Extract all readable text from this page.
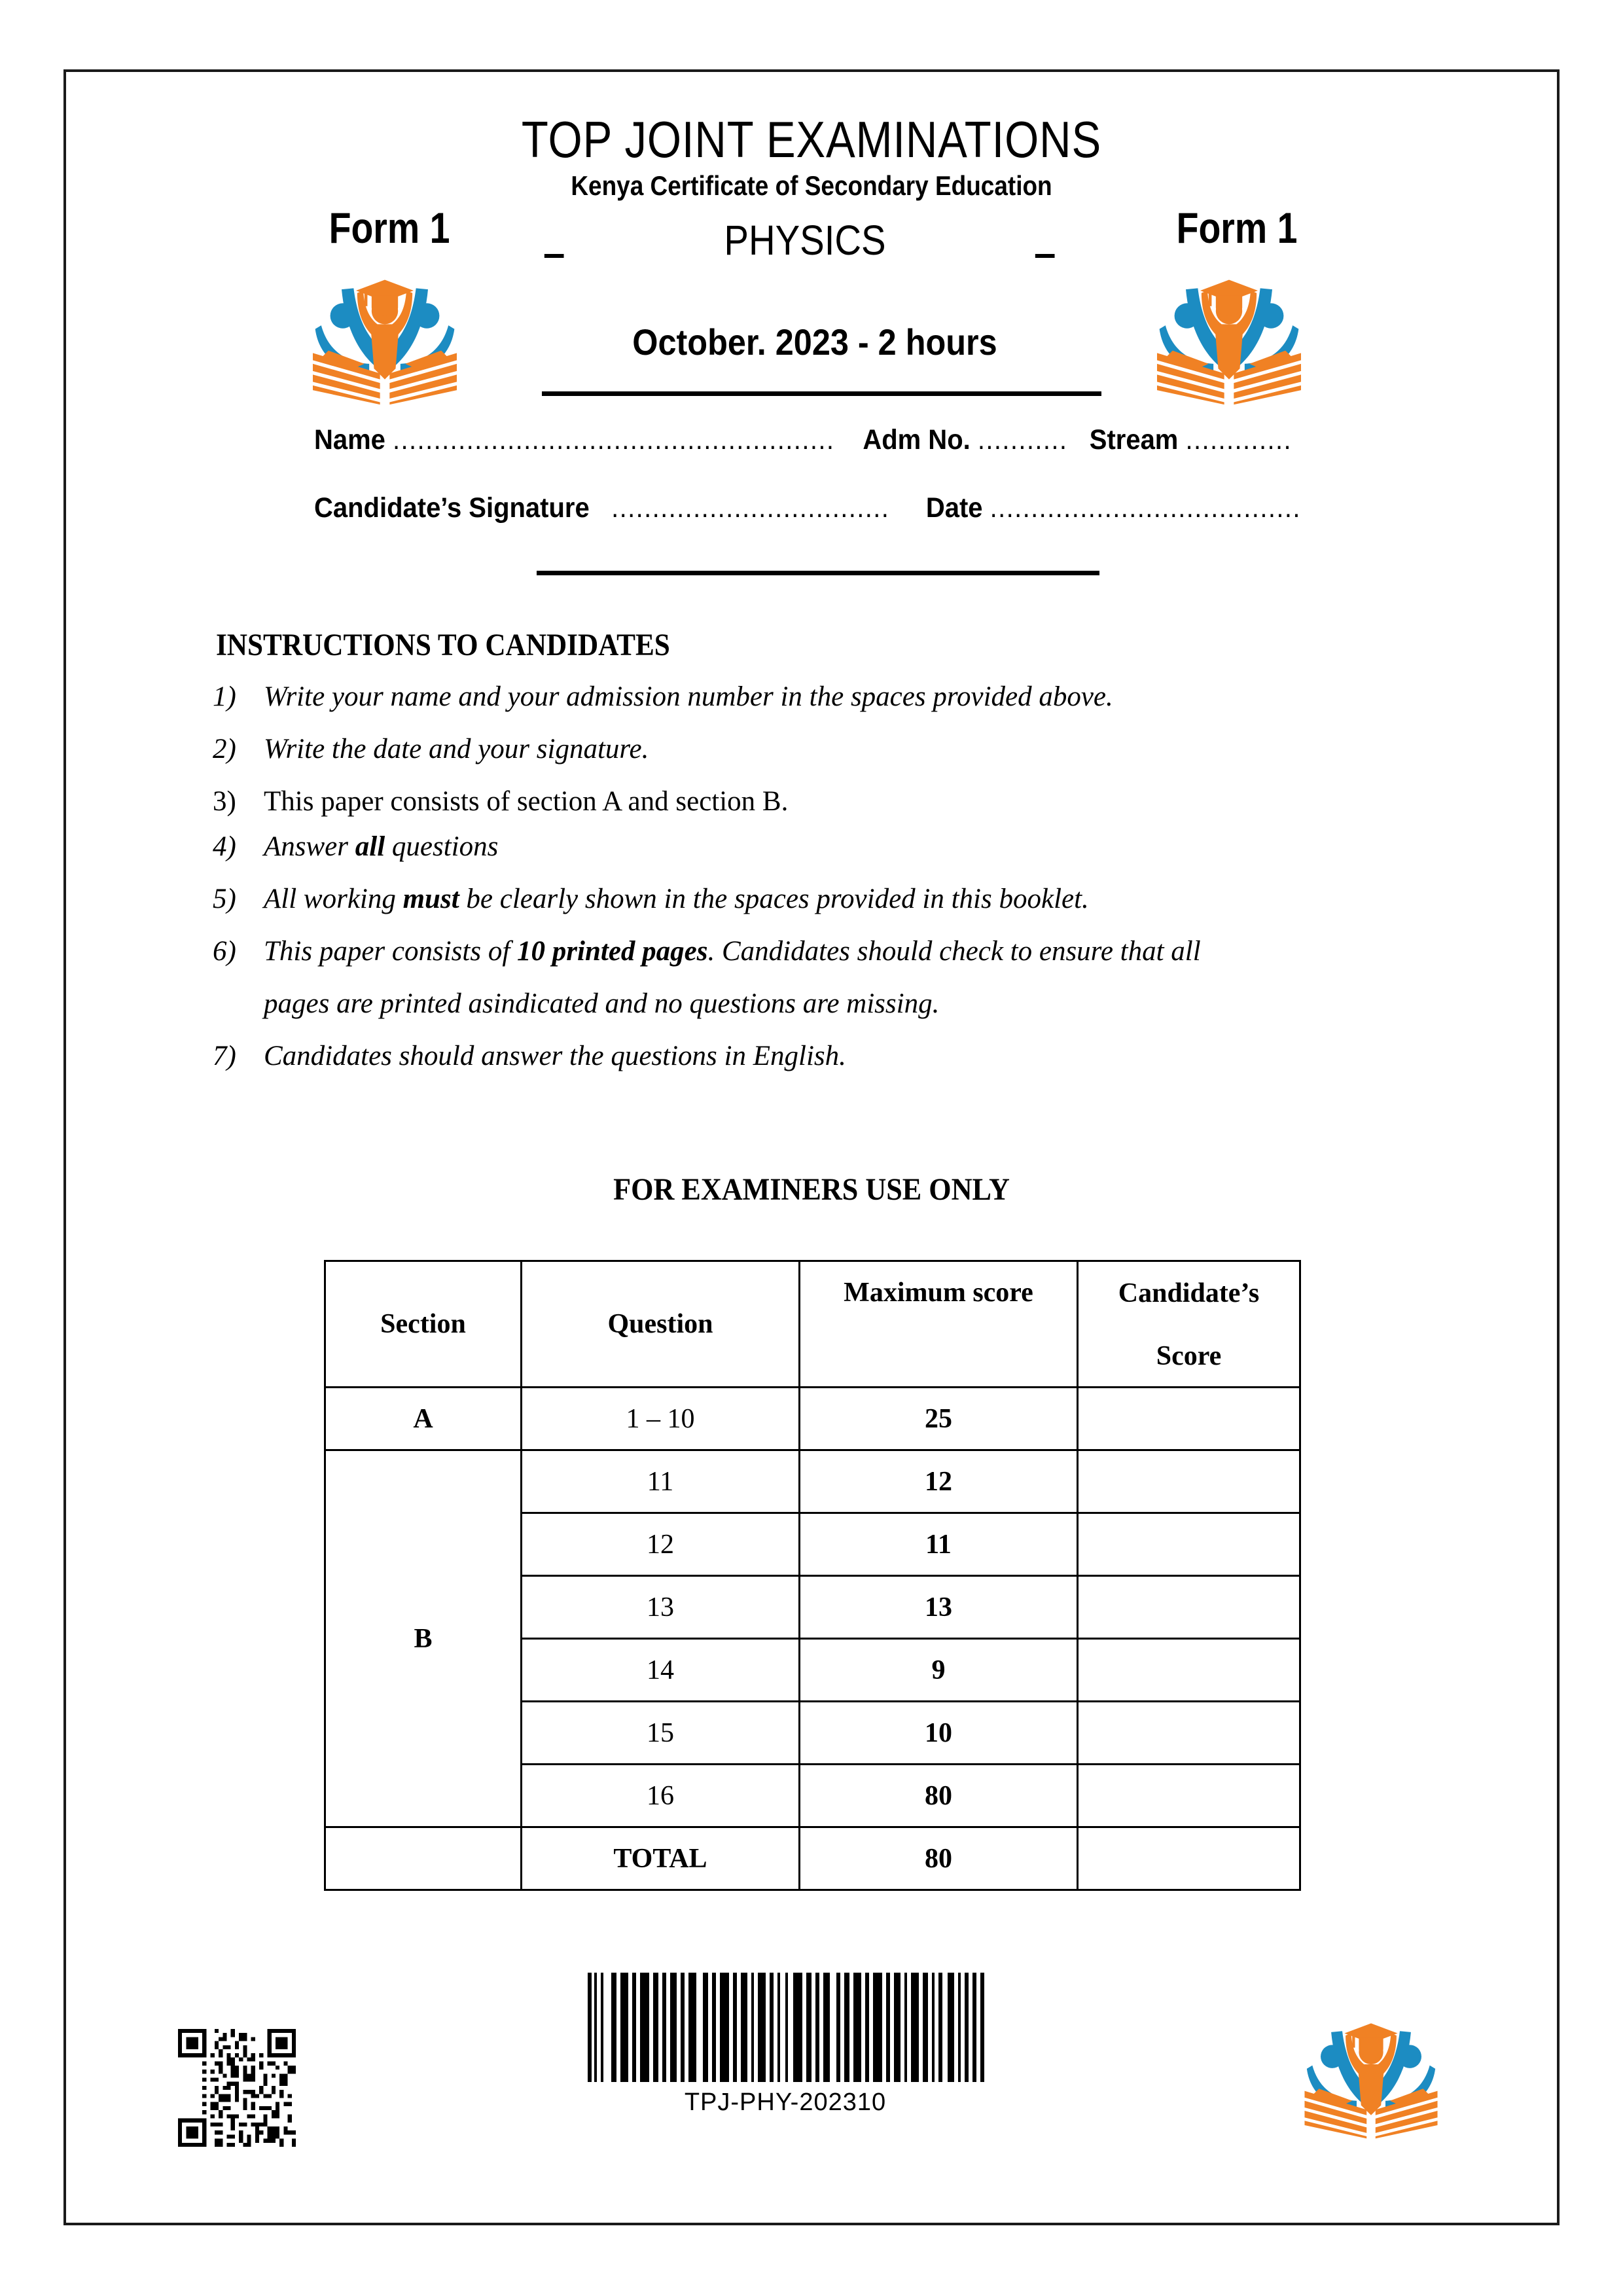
TOP JOINT EXAMINATIONS
Kenya Certificate of Secondary Education
Form 1
–	PHYSICS	–
Form 1
October. 2023 - 2 hours
Name ...................................................... Adm No. ........... Stream .............
Candidate’s Signature .................................. Date ......................................
INSTRUCTIONS TO CANDIDATES
1) Write your name and your admission number in the spaces provided above.
2) Write the date and your signature.
3) This paper consists of section A and section B.
4) Answer all questions
5) All working must be clearly shown in the spaces provided in this booklet.
6) This paper consists of 10 printed pages. Candidates should check to ensure that all
pages are printed asindicated and no questions are missing.
7) Candidates should answer the questions in English.
FOR EXAMINERS USE ONLY
Section	Question	Maximum score	Candidate’s
Score

A	1 – 10	25	
B	11	12	
	12	11	
	13	13	
	14	9	
	15	10	
	16	80	
	TOTAL	80	
TPJ-PHY-202310
